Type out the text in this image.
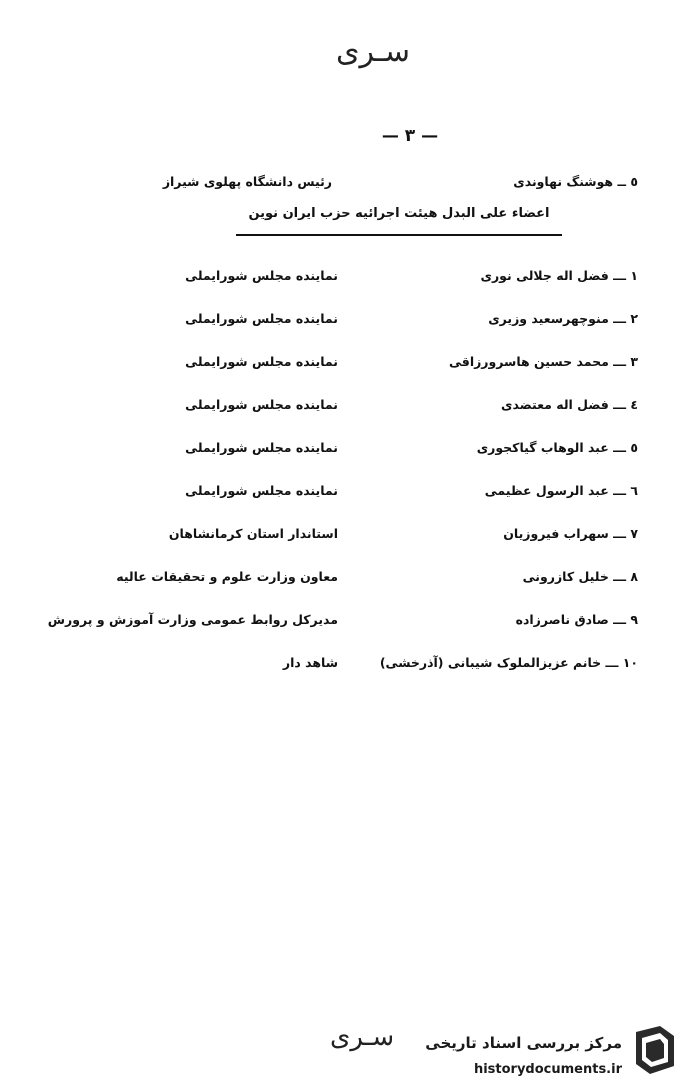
سـری
— ٣ —
٥ ــ هوشنگ نهاوندی
رئیس دانشگاه پهلوی شیراز
اعضاء علی البدل هیئت اجرائیه حزب ایران نوین
١ ـــ فضل اله جلالی نوری
نماینده مجلس شورایملی
٢ ـــ منوچهرسعید وزیری
نماینده مجلس شورایملی
٣ ـــ محمد حسین هاسرورزاقی
نماینده مجلس شورایملی
٤ ـــ فضل اله معتضدی
نماینده مجلس شورایملی
٥ ـــ عبد الوهاب گیاکجوری
نماینده مجلس شورایملی
٦ ـــ عبد الرسول عظیمی
نماینده مجلس شورایملی
٧ ـــ سهراب فیروزیان
استاندار استان کرمانشاهان
٨ ـــ خلیل کازرونی
معاون وزارت علوم و تحقیقات عالیه
٩ ـــ صادق ناصرزاده
مدیرکل روابط عمومی وزارت آموزش و پرورش
١٠ ـــ خانم عزیزالملوک شیبانی (آذرخشی)
شاهد دار
سـری مرکز بررسی اسناد تاریخی
historydocuments.ir
